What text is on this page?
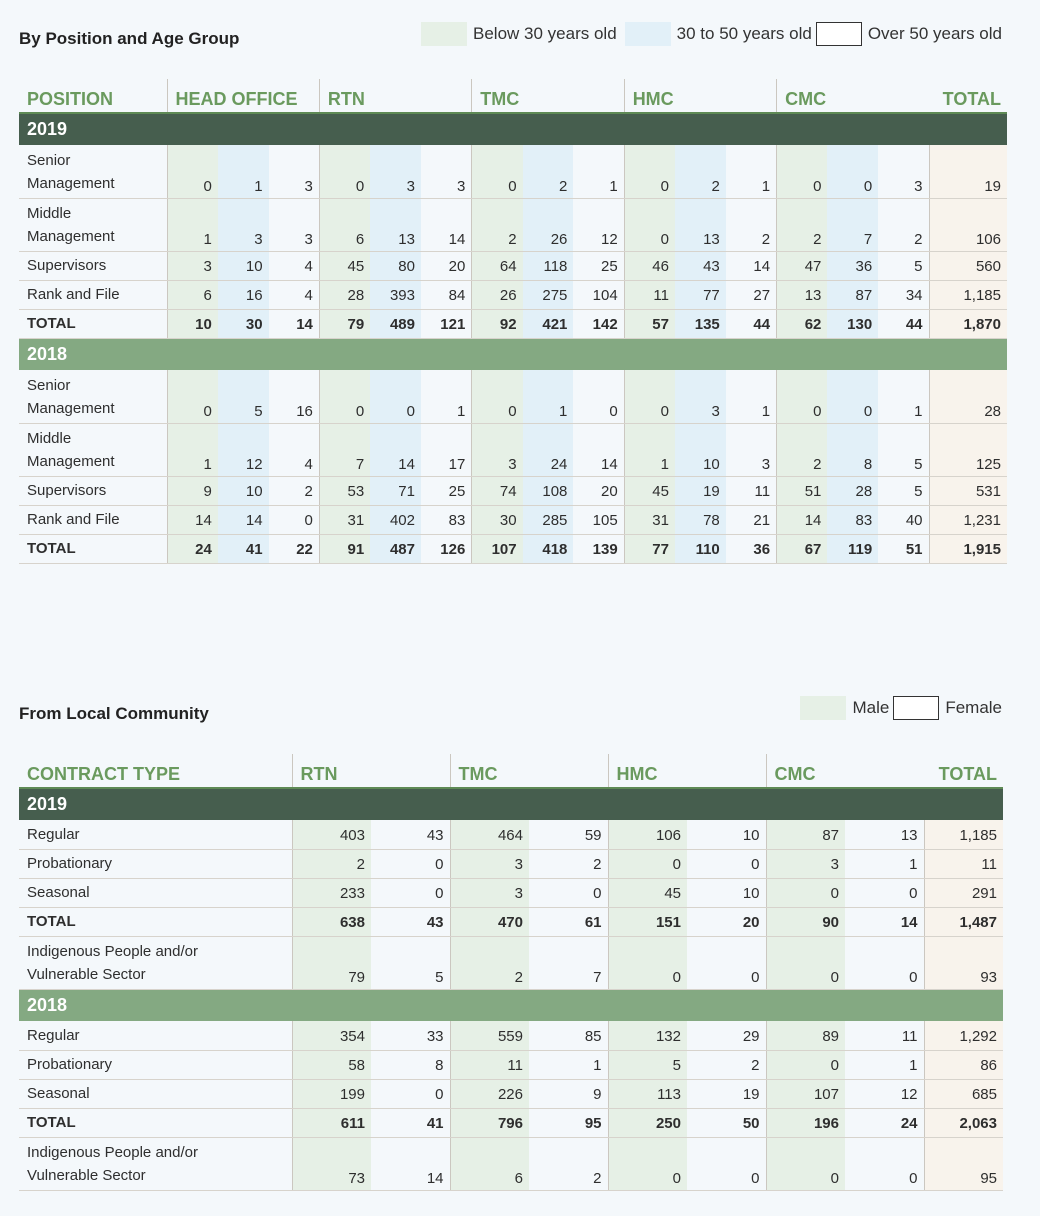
By Position and Age Group	Below 30 years old	30 to 50 years old	Over 50 years old
POSITION	HEAD OFFICE			RTN			TMC			HMC			CMC			TOTAL
2019																
Senior
Management	0	1	3	0	3	3	0	2	1	0	2	1	0	0	3	19
Middle
Management	1	3	3	6	13	14	2	26	12	0	13	2	2	7	2	106
Supervisors	3	10	4	45	80	20	64	118	25	46	43	14	47	36	5	560
Rank and File	6	16	4	28	393	84	26	275	104	11	77	27	13	87	34	1,185
TOTAL	10	30	14	79	489	121	92	421	142	57	135	44	62	130	44	1,870
2018																
Senior
Management	0	5	16	0	0	1	0	1	0	0	3	1	0	0	1	28
Middle
Management	1	12	4	7	14	17	3	24	14	1	10	3	2	8	5	125
Supervisors	9	10	2	53	71	25	74	108	20	45	19	11	51	28	5	531
Rank and File	14	14	0	31	402	83	30	285	105	31	78	21	14	83	40	1,231
TOTAL	24	41	22	91	487	126	107	418	139	77	110	36	67	119	51	1,915
From Local Community	Male	Female
CONTRACT TYPE	RTN		TMC		HMC		CMC		TOTAL
2019									
Regular	403	43	464	59	106	10	87	13	1,185
Probationary	2	0	3	2	0	0	3	1	11
Seasonal	233	0	3	0	45	10	0	0	291
TOTAL	638	43	470	61	151	20	90	14	1,487
Indigenous People and/or
Vulnerable Sector	79	5	2	7	0	0	0	0	93
2018									
Regular	354	33	559	85	132	29	89	11	1,292
Probationary	58	8	11	1	5	2	0	1	86
Seasonal	199	0	226	9	113	19	107	12	685
TOTAL	611	41	796	95	250	50	196	24	2,063
Indigenous People and/or
Vulnerable Sector	73	14	6	2	0	0	0	0	95
